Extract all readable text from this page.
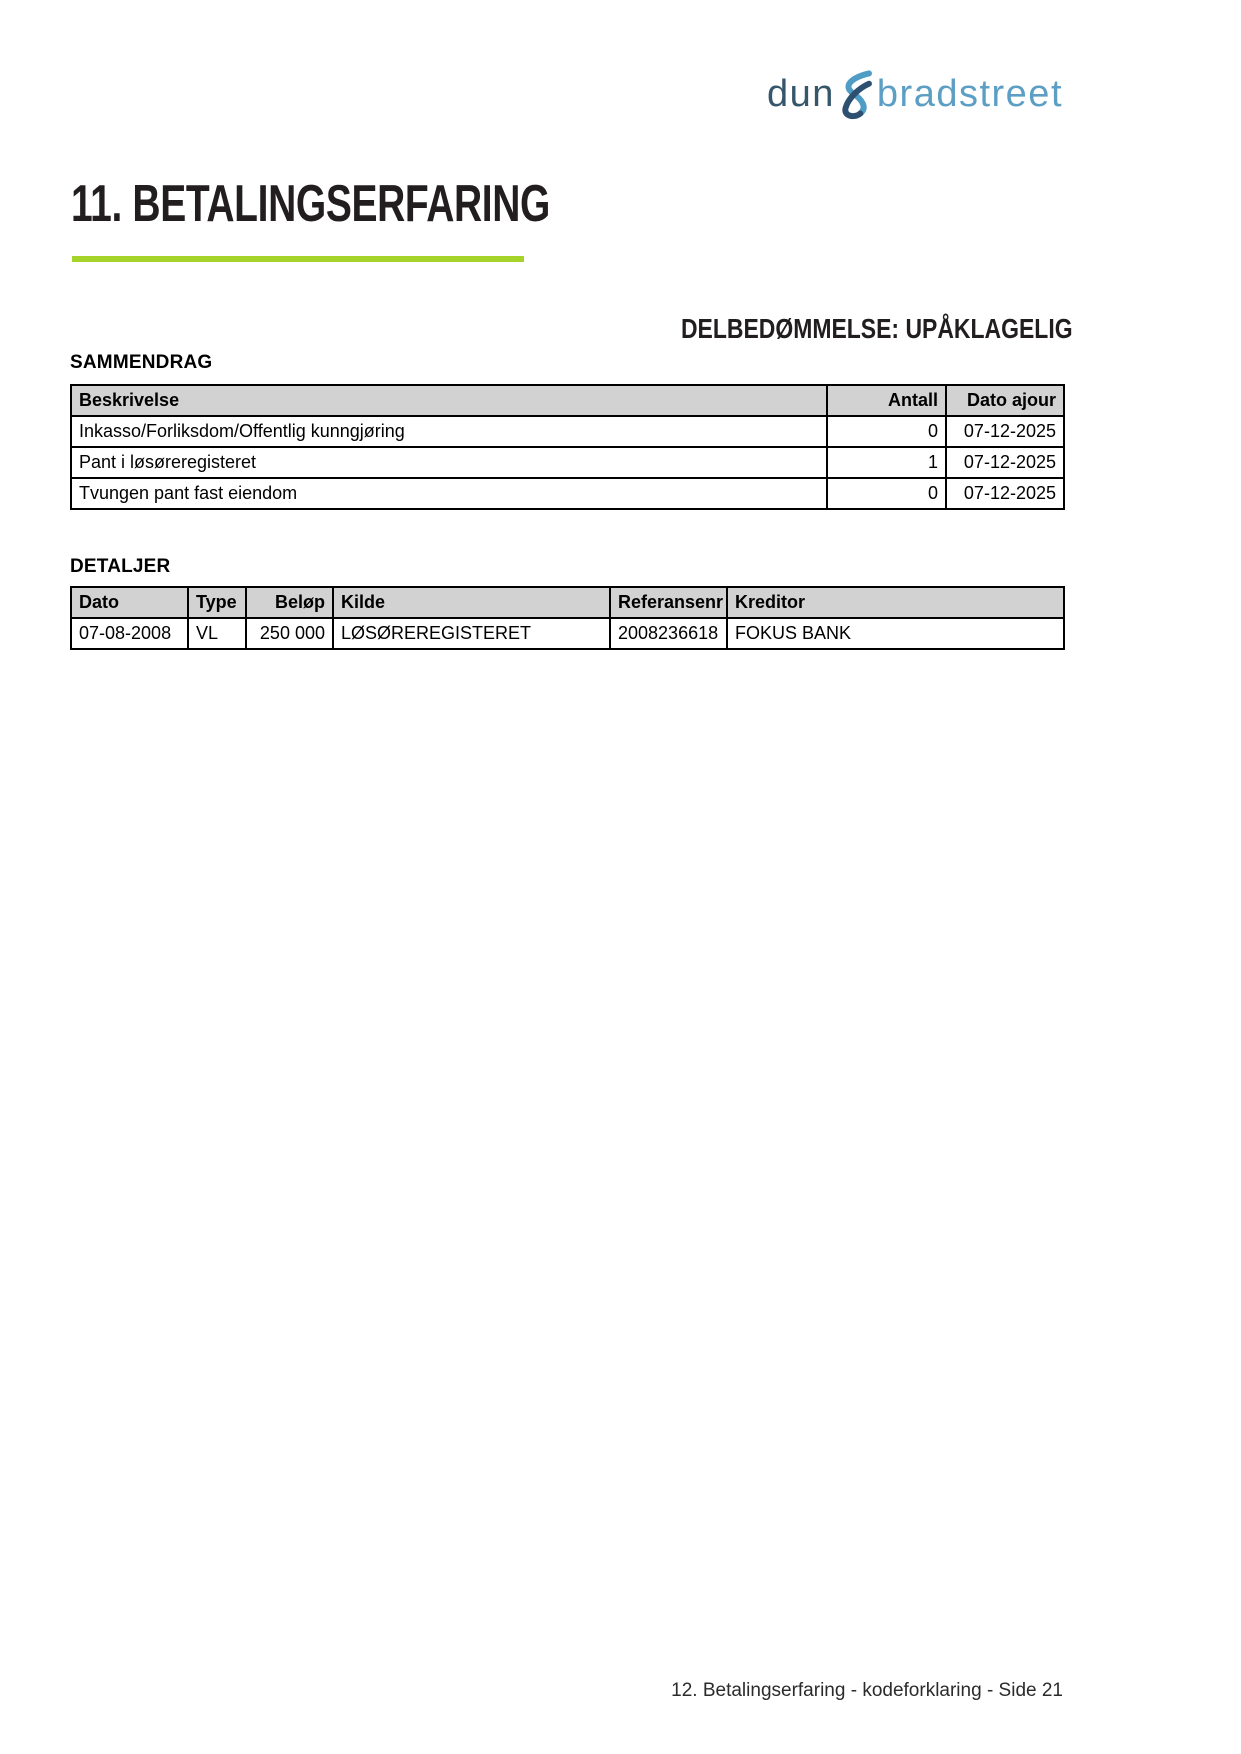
dun bradstreet
11. BETALINGSERFARING
DELBEDØMMELSE: UPÅKLAGELIG
SAMMENDRAG
Beskrivelse	Antall	Dato ajour
Inkasso/Forliksdom/Offentlig kunngjøring	0	07-12-2025
Pant i løsøreregisteret	1	07-12-2025
Tvungen pant fast eiendom	0	07-12-2025
DETALJER
Dato	Type	Beløp	Kilde	Referansenr	Kreditor
07-08-2008	VL	250 000	LØSØREREGISTERET	2008236618	FOKUS BANK
12. Betalingserfaring - kodeforklaring - Side 21
